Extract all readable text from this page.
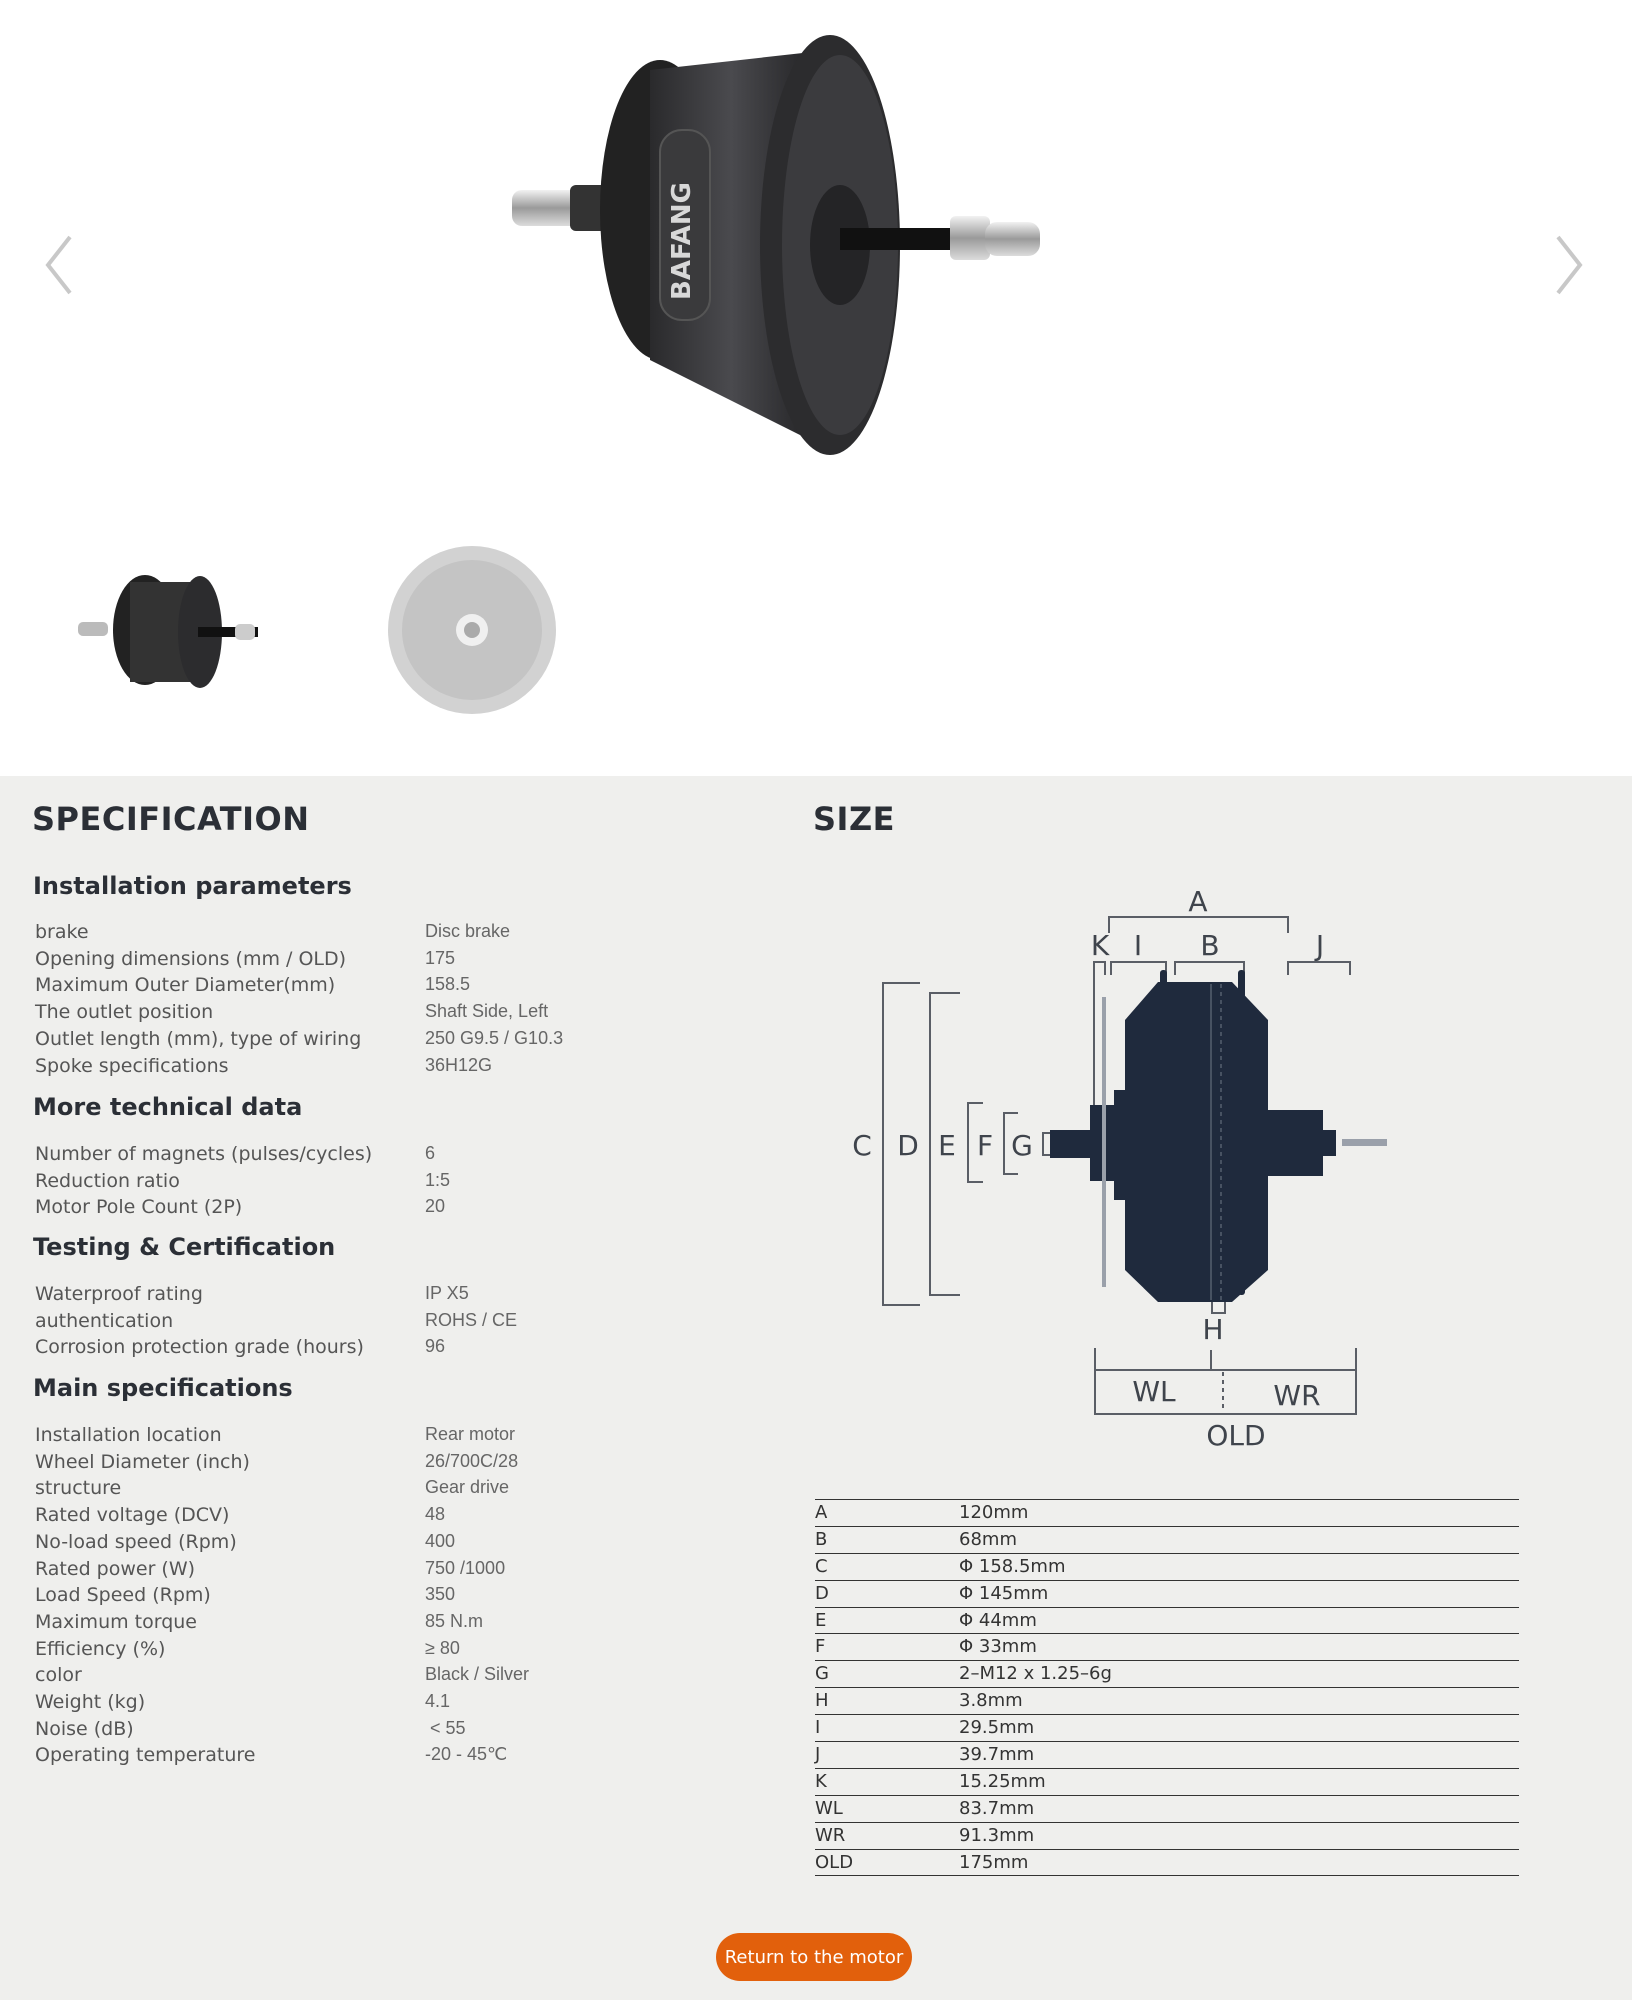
BAFANG
SPECIFICATION
Installation parameters
brake	Disc brake
Opening dimensions (mm / OLD)	175
Maximum Outer Diameter(mm)	158.5
The outlet position	Shaft Side, Left
Outlet length (mm), type of wiring	250 G9.5 / G10.3
Spoke specifications	36H12G
More technical data
Number of magnets (pulses/cycles)	6
Reduction ratio	1:5
Motor Pole Count (2P)	20
Testing & Certification
Waterproof rating	IP X5
authentication	ROHS / CE
Corrosion protection grade (hours)	96
Main specifications
Installation location	Rear motor
Wheel Diameter (inch)	26/700C/28
structure	Gear drive
Rated voltage (DCV)	48
No-load speed (Rpm)	400
Rated power (W)	750 /1000
Load Speed (Rpm)	350
Maximum torque	85 N.m
Efficiency (%)	≥ 80
color	Black / Silver
Weight (kg)	4.1
Noise (dB)	< 55
Operating temperature	-20 - 45℃
SIZE
A
K I B	J
C D E F G
H
WL	WR
OLD
A	120mm
B	68mm
C	Φ 158.5mm
D	Φ 145mm
E	Φ 44mm
F	Φ 33mm
G	2–M12 x 1.25–6g
H	3.8mm
I	29.5mm
J	39.7mm
K	15.25mm
WL	83.7mm
WR	91.3mm
OLD	175mm
Return to the motor
